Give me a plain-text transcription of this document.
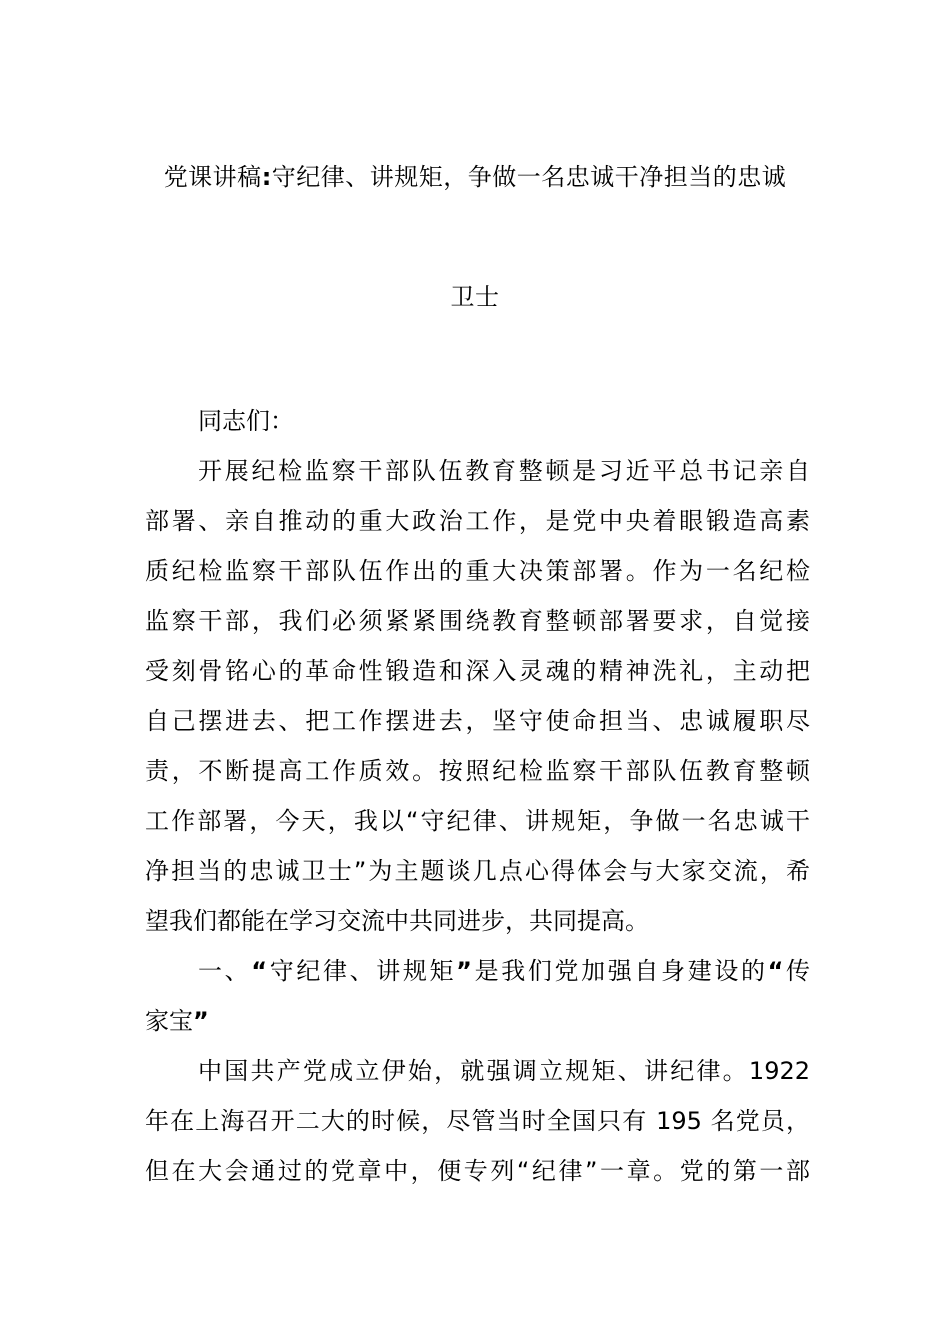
党课讲稿:守纪律、讲规矩，争做一名忠诚干净担当的忠诚
卫士
同志们：
开展纪检监察干部队伍教育整顿是习近平总书记亲自
部署、亲自推动的重大政治工作，是党中央着眼锻造高素
质纪检监察干部队伍作出的重大决策部署。作为一名纪检
监察干部，我们必须紧紧围绕教育整顿部署要求，自觉接
受刻骨铭心的革命性锻造和深入灵魂的精神洗礼，主动把
自己摆进去、把工作摆进去，坚守使命担当、忠诚履职尽
责，不断提高工作质效。按照纪检监察干部队伍教育整顿
工作部署，今天，我以“守纪律、讲规矩，争做一名忠诚干
净担当的忠诚卫士”为主题谈几点心得体会与大家交流，希
望我们都能在学习交流中共同进步，共同提高。
一、“守纪律、讲规矩”是我们党加强自身建设的“传
家宝”
中国共产党成立伊始，就强调立规矩、讲纪律。1922
年在上海召开二大的时候，尽管当时全国只有 195 名党员，
但在大会通过的党章中，便专列“纪律”一章。党的第一部
